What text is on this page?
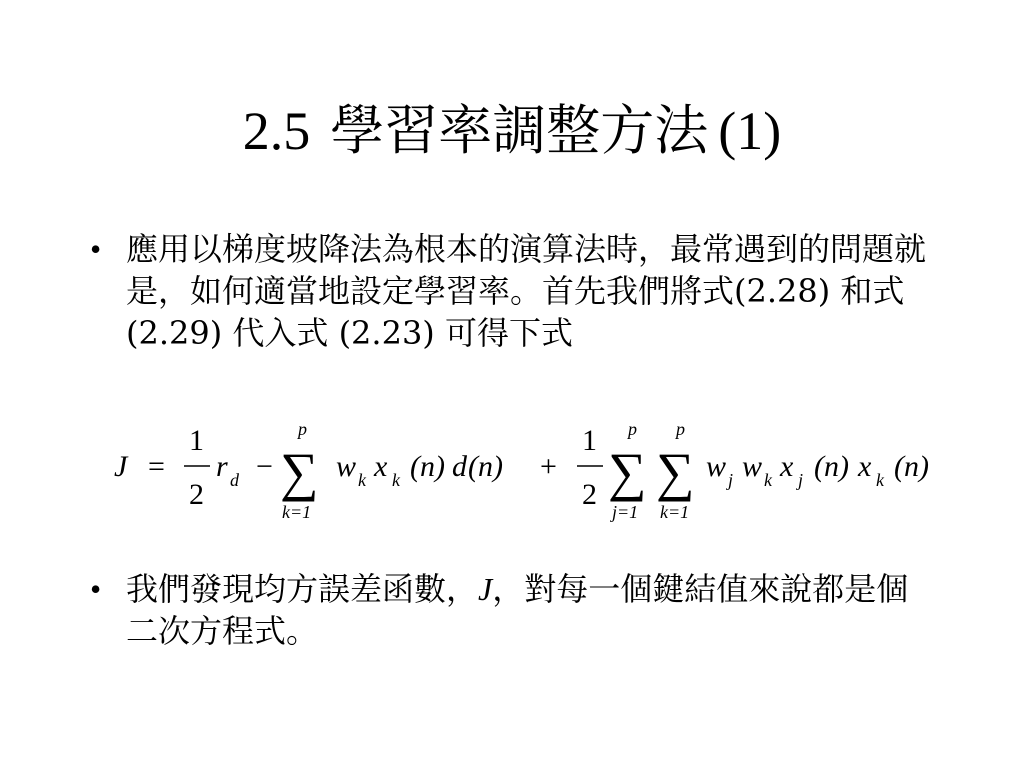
2.5 學習率調整方法 (1)
• 應用以梯度坡降法為根本的演算法時，最常遇到的問題就是，如何適當地設定學習率。首先我們將式(2.28) 和式(2.29) 代入式 (2.23) 可得下式
J =
1
2
r d −
p
∑
k=1
w k x k (n) d (n) +
1
2
p
∑
j=1
p
∑
k=1
w j w k x j (n) x k (n)
• 我們發現均方誤差函數，J，對每一個鍵結值來說都是個二次方程式。
